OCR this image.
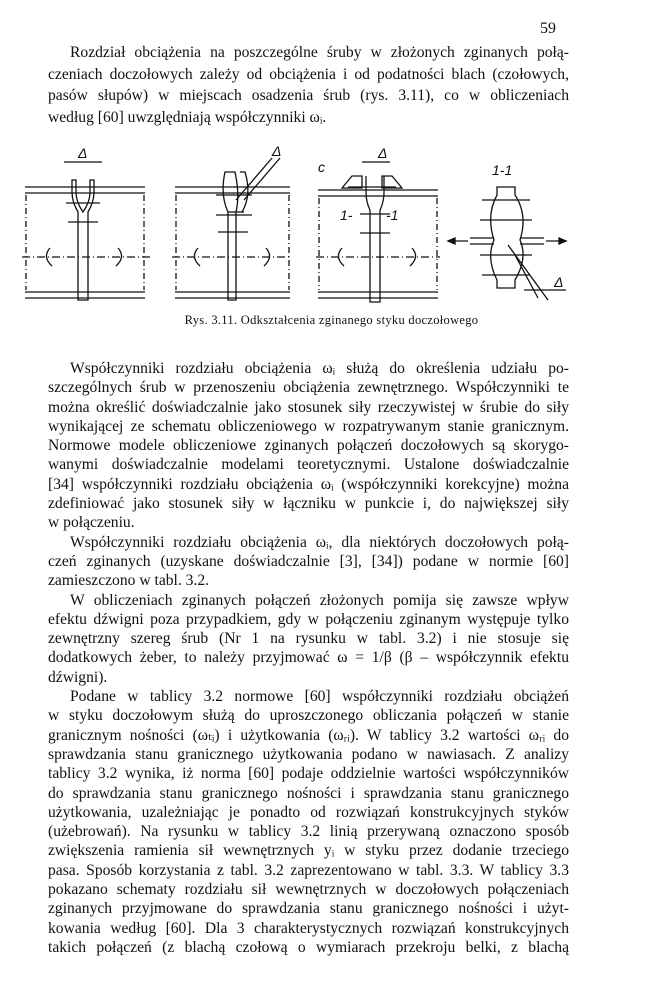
59
Rozdział obciążenia na poszczególne śruby w złożonych zginanych połą-
czeniach doczołowych zależy od obciążenia i od podatności blach (czołowych,
pasów słupów) w miejscach osadzenia śrub (rys. 3.11), co w obliczeniach
według [60] uwzględniają współczynniki ωᵢ.
Δ	Δ
c
Δ
1- -1
1-1
Δ
Rys. 3.11. Odkształcenia zginanego styku doczołowego
Współczynniki rozdziału obciążenia ωᵢ służą do określenia udziału po-
szczególnych śrub w przenoszeniu obciążenia zewnętrznego. Współczynniki te
można określić doświadczalnie jako stosunek siły rzeczywistej w śrubie do siły
wynikającej ze schematu obliczeniowego w rozpatrywanym stanie granicznym.
Normowe modele obliczeniowe zginanych połączeń doczołowych są skorygo-
wanymi doświadczalnie modelami teoretycznymi. Ustalone doświadczalnie
[34] współczynniki rozdziału obciążenia ωᵢ (współczynniki korekcyjne) można
zdefiniować jako stosunek siły w łączniku w punkcie i, do największej siły
w połączeniu.
Współczynniki rozdziału obciążenia ωᵢ, dla niektórych doczołowych połą-
czeń zginanych (uzyskane doświadczalnie [3], [34]) podane w normie [60]
zamieszczono w tabl. 3.2.
W obliczeniach zginanych połączeń złożonych pomija się zawsze wpływ
efektu dźwigni poza przypadkiem, gdy w połączeniu zginanym występuje tylko
zewnętrzny szereg śrub (Nr 1 na rysunku w tabl. 3.2) i nie stosuje się
dodatkowych żeber, to należy przyjmować ω = 1/β (β – współczynnik efektu
dźwigni).
Podane w tablicy 3.2 normowe [60] współczynniki rozdziału obciążeń
w styku doczołowym służą do uproszczonego obliczania połączeń w stanie
granicznym nośności (ωₜᵢ) i użytkowania (ωᵣᵢ). W tablicy 3.2 wartości ωᵣᵢ do
sprawdzania stanu granicznego użytkowania podano w nawiasach. Z analizy
tablicy 3.2 wynika, iż norma [60] podaje oddzielnie wartości współczynników
do sprawdzania stanu granicznego nośności i sprawdzania stanu granicznego
użytkowania, uzależniając je ponadto od rozwiązań konstrukcyjnych styków
(użebrowań). Na rysunku w tablicy 3.2 linią przerywaną oznaczono sposób
zwiększenia ramienia sił wewnętrznych yᵢ w styku przez dodanie trzeciego
pasa. Sposób korzystania z tabl. 3.2 zaprezentowano w tabl. 3.3. W tablicy 3.3
pokazano schematy rozdziału sił wewnętrznych w doczołowych połączeniach
zginanych przyjmowane do sprawdzania stanu granicznego nośności i użyt-
kowania według [60]. Dla 3 charakterystycznych rozwiązań konstrukcyjnych
takich połączeń (z blachą czołową o wymiarach przekroju belki, z blachą
